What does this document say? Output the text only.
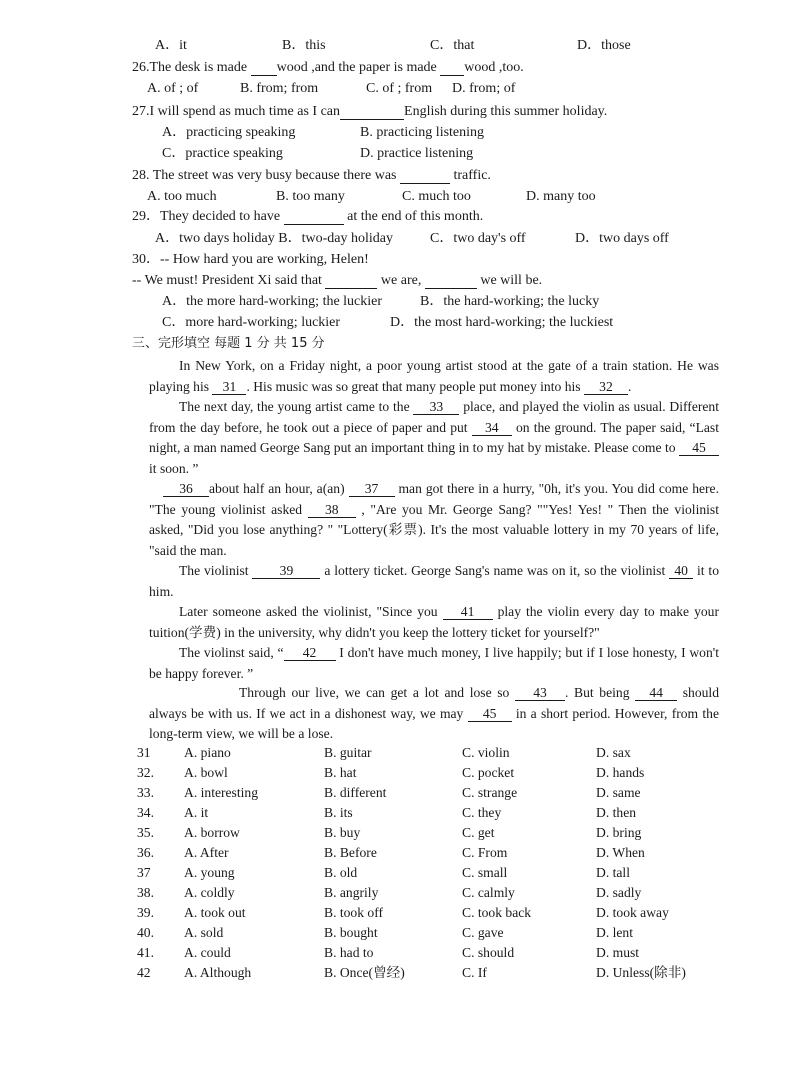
A．it	B．this	C．that	D．those
26.The desk is made  wood ,and the paper is made  wood ,too.
A. of ; of	B. from; from	C. of ; from D. from; of
27.I will spend as much time as I can	English during this summer holiday.
A．practicing speaking	B. practicing listening
C．practice speaking	D. practice listening
28. The street was very busy because there was	traffic.
A. too much	B. too many	C. much too	D. many too
29．They decided to have	at the end of this month.
A．two days holiday B．two-day holiday	C．two day's off	D．two days off
30．-- How hard you are working, Helen!
-- We must! President Xi said that	we are,	we will be.
A．the more hard-working; the luckier	B．the hard-working; the lucky
C．more hard-working; luckier	D．the most hard-working; the luckiest
三、完形填空 每题 1 分 共 15 分
In New York, on a Friday night, a poor young artist stood at the gate of a train station. He was playing his 31 . His music was so great that many people put money into his 32 .
The next day, the young artist came to the 33 place, and played the violin as usual. Different from the day before, he took out a piece of paper and put 34 on the ground. The paper said, “Last night, a man named George Sang put an important thing in to my hat by mistake. Please come to 45 it soon. ”
36 about half an hour, a(an) 37 man got there in a hurry, "0h, it's you. You did come here. "The young violinist asked 38 , "Are you Mr. George Sang? ""Yes! Yes! " Then the violinist asked, "Did you lose anything? " "Lottery(彩票). It's the most valuable lottery in my 70 years of life, "said the man.
The violinist 39 a lottery ticket. George Sang's name was on it, so the violinist 40 it to him.
Later someone asked the violinist, "Since you 41 play the violin every day to make your tuition(学费) in the university, why didn't you keep the lottery ticket for yourself?"
The violinst said, “ 42 I don't have much money, I live happily; but if I lose honesty, I won't be happy forever. ”
Through our live, we can get a lot and lose so 43 . But being 44 should always be with us. If we act in a dishonest way, we may 45 in a short period. However, from the long-term view, we will be a lose.
31 A. piano	B. guitar	C. violin	D. sax
32. A. bowl	B. hat	C. pocket	D. hands
33. A. interesting	B. different	C. strange	D. same
34. A. it	B. its	C. they	D. then
35. A. borrow	B. buy	C. get	D. bring
36. A. After	B. Before	C. From	D. When
37 A. young	B. old	C. small	D. tall
38. A. coldly	B. angrily	C. calmly	D. sadly
39. A. took out	B. took off	C. took back	D. took away
40. A. sold	B. bought	C. gave	D. lent
41. A. could	B. had to	C. should	D. must
42 A. Although	B. Once(曾经)	C. If	D. Unless(除非)
